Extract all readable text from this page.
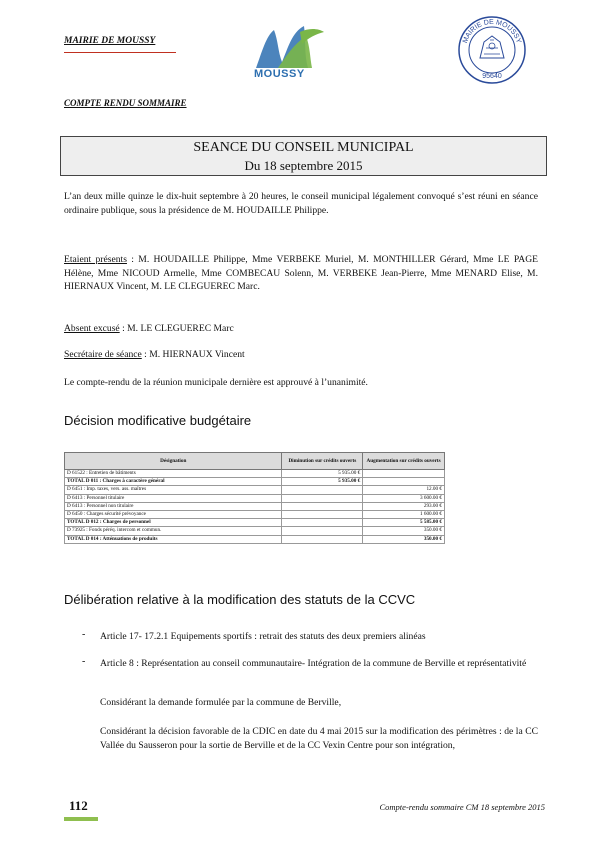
MAIRIE DE MOUSSY
MOUSSY
MAIRIE DE MOUSSY
95640
COMPTE RENDU SOMMAIRE
SEANCE DU CONSEIL MUNICIPAL
Du 18 septembre 2015
L’an deux mille quinze le dix-huit septembre à 20 heures, le conseil municipal légalement convoqué s’est réuni en séance ordinaire publique, sous la présidence de M. HOUDAILLE Philippe.
Etaient présents : M. HOUDAILLE Philippe, Mme VERBEKE Muriel, M. MONTHILLER Gérard, Mme LE PAGE Hélène, Mme NICOUD Armelle, Mme COMBECAU Solenn, M. VERBEKE Jean-Pierre, Mme MENARD Elise, M. HIERNAUX Vincent, M. LE CLEGUEREC Marc.
Absent excusé : M. LE CLEGUEREC Marc
Secrétaire de séance : M. HIERNAUX Vincent
Le compte-rendu de la réunion municipale dernière est approuvé à l’unanimité.
Décision modificative budgétaire
Désignation	Diminution sur crédits ouverts	Augmentation sur crédits ouverts
D 61522 : Entretien de bâtiments	5 935.00 €	
TOTAL D 011 : Charges à caractère général	5 935.00 €	
D 6451 : Imp. taxes, vers. ass. maîtres		12.00 €
D 6413 : Personnel titulaire		3 600.00 €
D 6413 : Personnel non titulaire		293.00 €
D 6450 : Charges sécurité prévoyance		1 600.00 €
TOTAL D 012 : Charges de personnel		5 585.00 €
D 73925 : Fonds péréq. intercom et commun.		350.00 €
TOTAL D 014 : Atténuations de produits		350.00 €
Délibération relative à la modification des statuts de la CCVC
- Article 17- 17.2.1 Equipements sportifs : retrait des statuts des deux premiers alinéas
- Article 8 : Représentation au conseil communautaire- Intégration de la commune de Berville et représentativité
Considérant la demande formulée par la commune de Berville,
Considérant la décision favorable de la CDIC en date du 4 mai 2015 sur la modification des périmètres : de la CC Vallée du Sausseron pour la sortie de Berville et de la CC Vexin Centre pour son intégration,
112	Compte-rendu sommaire CM 18 septembre 2015
